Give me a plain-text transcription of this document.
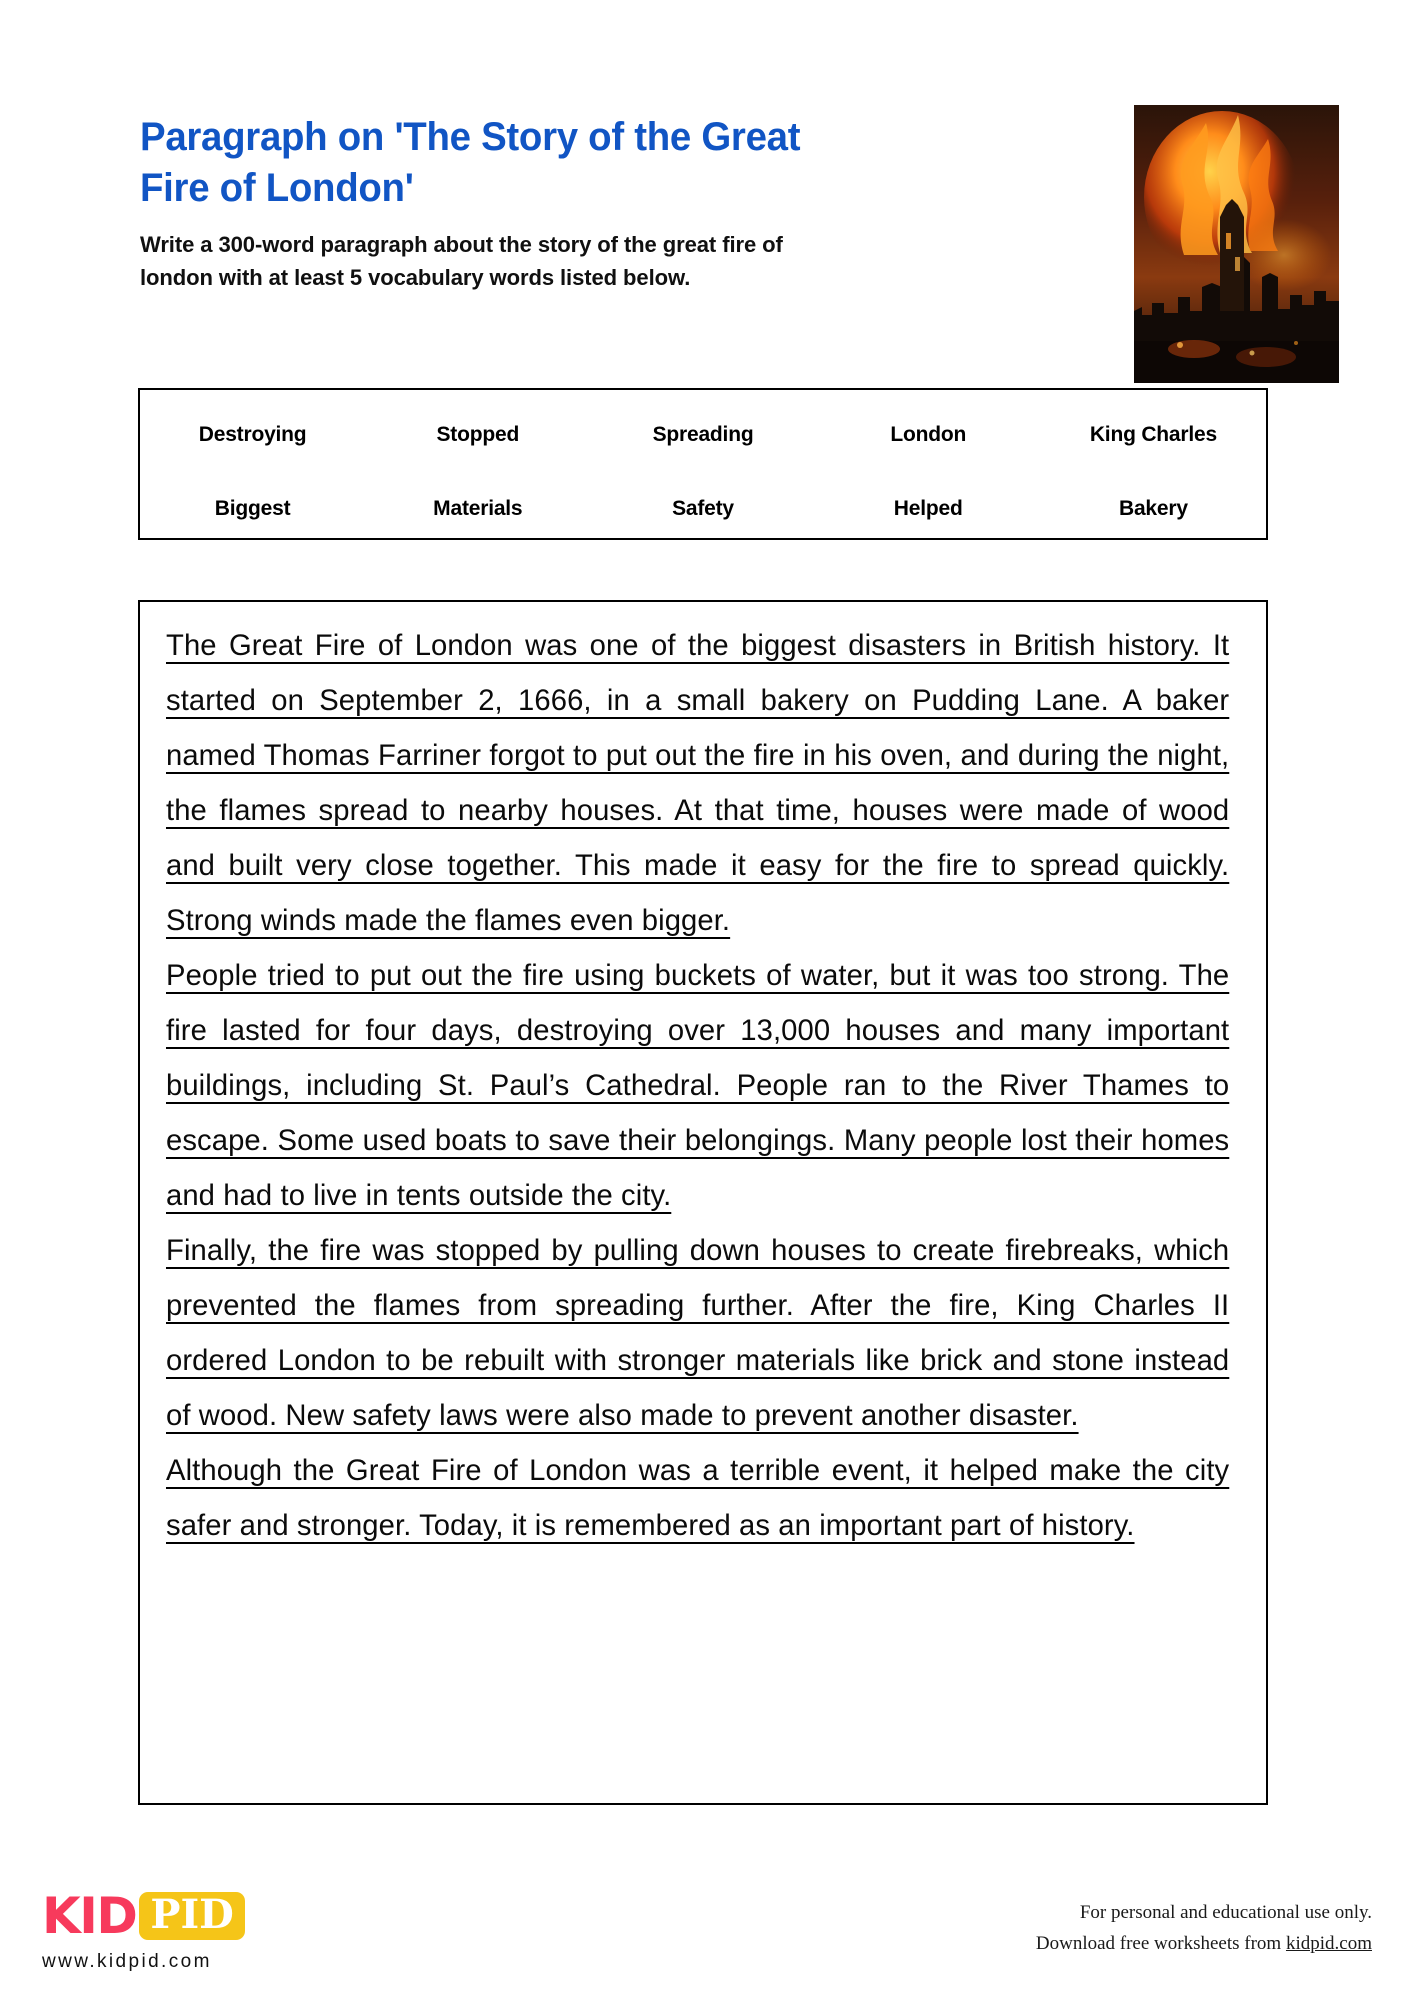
Paragraph on 'The Story of the Great Fire of London'
Write a 300-word paragraph about the story of the great fire of london with at least 5 vocabulary words listed below.
Destroying	Stopped	Spreading	London	King Charles
Biggest	Materials	Safety	Helped	Bakery
The Great Fire of London was one of the biggest disasters in British history. It started on September 2, 1666, in a small bakery on Pudding Lane. A baker named Thomas Farriner forgot to put out the fire in his oven, and during the night, the flames spread to nearby houses. At that time, houses were made of wood and built very close together. This made it easy for the fire to spread quickly. Strong winds made the flames even bigger.
People tried to put out the fire using buckets of water, but it was too strong. The fire lasted for four days, destroying over 13,000 houses and many important buildings, including St. Paul’s Cathedral. People ran to the River Thames to escape. Some used boats to save their belongings. Many people lost their homes and had to live in tents outside the city.
Finally, the fire was stopped by pulling down houses to create firebreaks, which prevented the flames from spreading further. After the fire, King Charles II ordered London to be rebuilt with stronger materials like brick and stone instead of wood. New safety laws were also made to prevent another disaster.
Although the Great Fire of London was a terrible event, it helped make the city safer and stronger. Today, it is remembered as an important part of history.
KID PID
www.kidpid.com
For personal and educational use only.
Download free worksheets from kidpid.com
